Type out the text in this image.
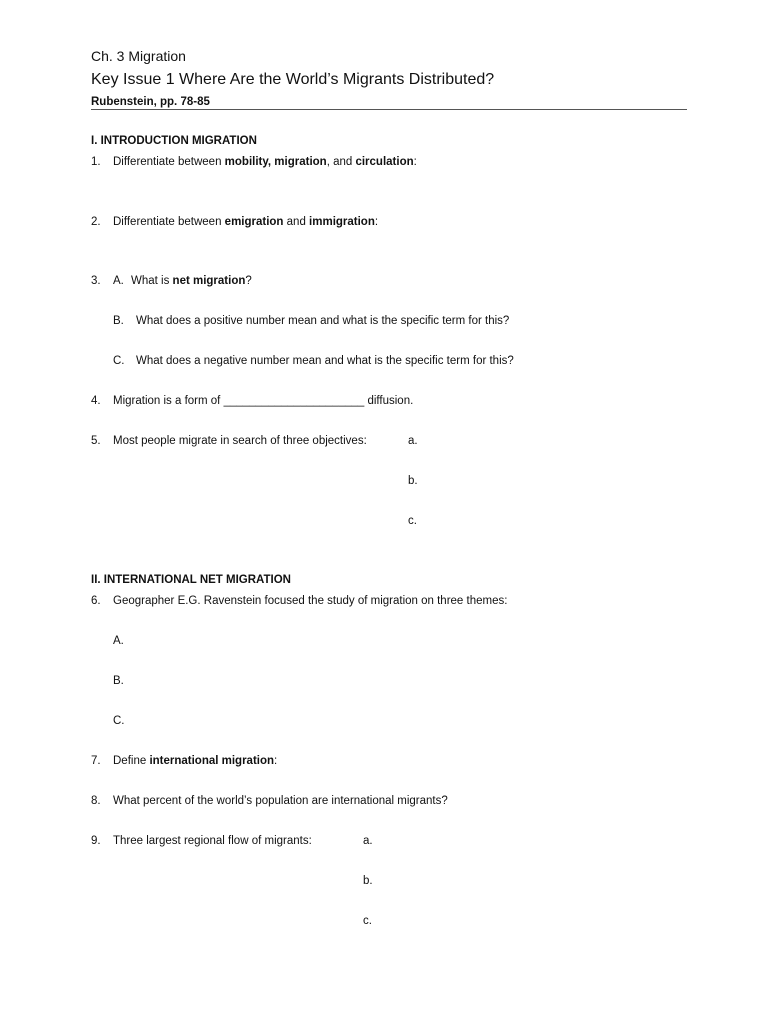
Ch. 3 Migration
Key Issue 1 Where Are the World’s Migrants Distributed?
Rubenstein, pp. 78-85
I. INTRODUCTION MIGRATION
1. Differentiate between mobility, migration, and circulation:
2. Differentiate between emigration and immigration:
3. A. What is net migration?
B. What does a positive number mean and what is the specific term for this?
C. What does a negative number mean and what is the specific term for this?
4. Migration is a form of ______________________ diffusion.
5. Most people migrate in search of three objectives:	a.
b.
c.
II. INTERNATIONAL NET MIGRATION
6. Geographer E.G. Ravenstein focused the study of migration on three themes:
A.
B.
C.
7. Define international migration:
8. What percent of the world’s population are international migrants?
9. Three largest regional flow of migrants:	a.
b.
c.
